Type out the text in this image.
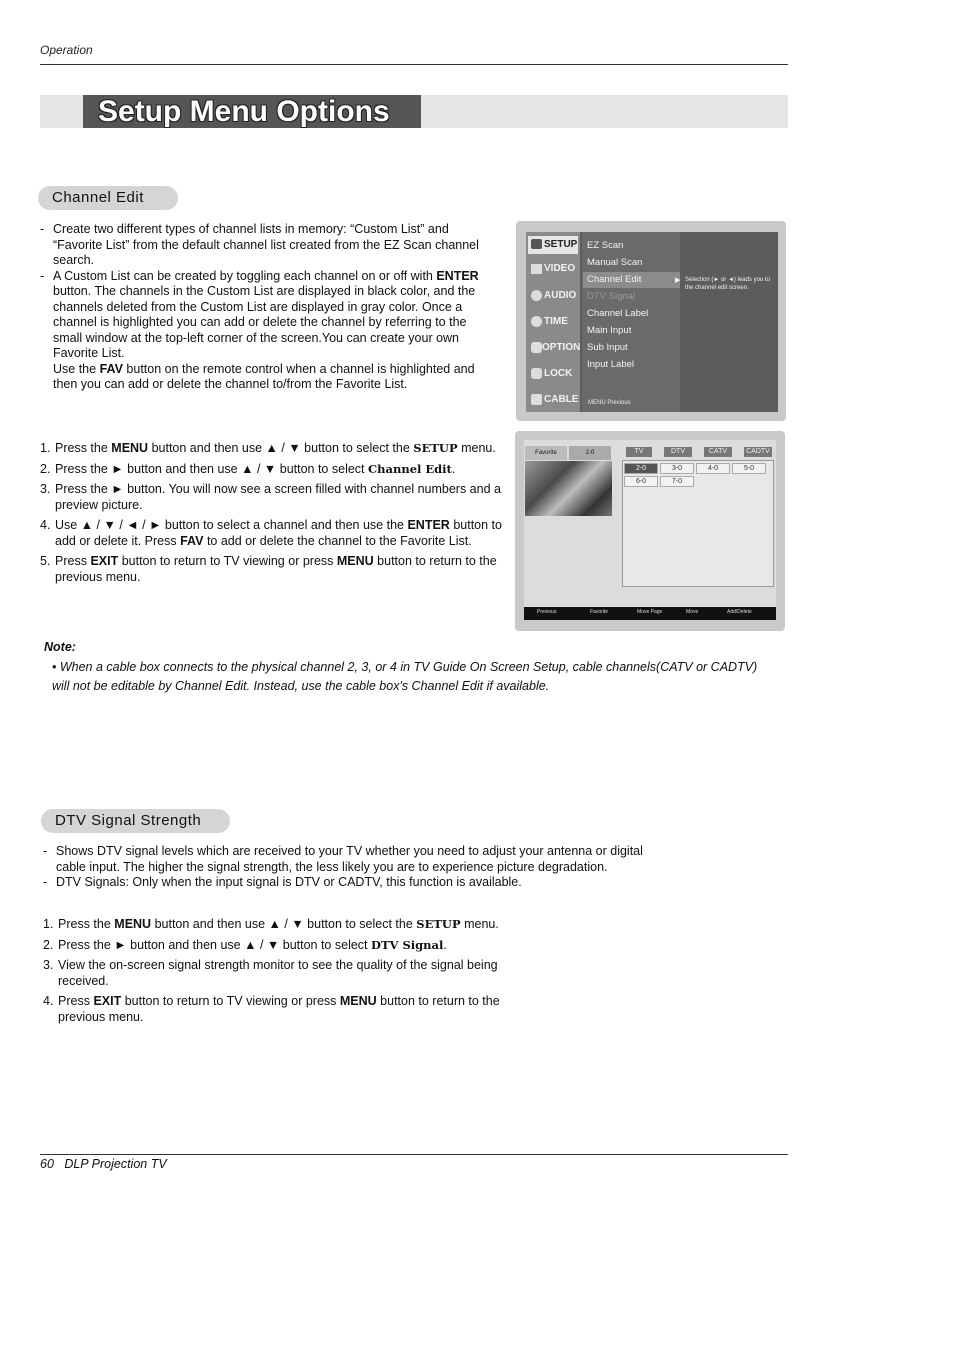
Operation
Setup Menu Options
Channel Edit
- Create two different types of channel lists in memory: “Custom List” and “Favorite List” from the default channel list created from the EZ Scan channel search.
- A Custom List can be created by toggling each channel on or off with ENTER button. The channels in the Custom List are displayed in black color, and the channels deleted from the Custom List are displayed in gray color. Once a channel is highlighted you can add or delete the channel by referring to the small window at the top-left corner of the screen.You can create your own Favorite List.
Use the FAV button on the remote control when a channel is highlighted and then you can add or delete the channel to/from the Favorite List.
1. Press the MENU button and then use ▲ / ▼ button to select the SETUP menu.
2. Press the ► button and then use ▲ / ▼ button to select Channel Edit.
3. Press the ► button. You will now see a screen filled with channel numbers and a preview picture.
4. Use ▲ / ▼ / ◄ / ► button to select a channel and then use the ENTER button to add or delete it. Press FAV to add or delete the channel to the Favorite List.
5. Press EXIT button to return to TV viewing or press MENU button to return to the previous menu.
SETUP
VIDEO
AUDIO
TIME
OPTION
LOCK
CABLE
EZ Scan
Manual Scan
Channel Edit	▶
DTV Signal
Channel Label
Main Input
Sub Input
Input Label
Selection (► or ◄) leads you to the channel edit screen.
MENU Previous
Favorite	2-0	TV	DTV	CATV	CADTV
2-0	3-0	4-0	5-0
6-0	7-0
Previous	Favorite	Move Page	Move	Add/Delete
Note:
• When a cable box connects to the physical channel 2, 3, or 4 in TV Guide On Screen Setup, cable channels(CATV or CADTV) will not be editable by Channel Edit. Instead, use the cable box's Channel Edit if available.
DTV Signal Strength
- Shows DTV signal levels which are received to your TV whether you need to adjust your antenna or digital cable input. The higher the signal strength, the less likely you are to experience picture degradation.
- DTV Signals: Only when the input signal is DTV or CADTV, this function is available.
1. Press the MENU button and then use ▲ / ▼ button to select the SETUP menu.
2. Press the ► button and then use ▲ / ▼ button to select DTV Signal.
3. View the on-screen signal strength monitor to see the quality of the signal being received.
4. Press EXIT button to return to TV viewing or press MENU button to return to the previous menu.
60 DLP Projection TV
